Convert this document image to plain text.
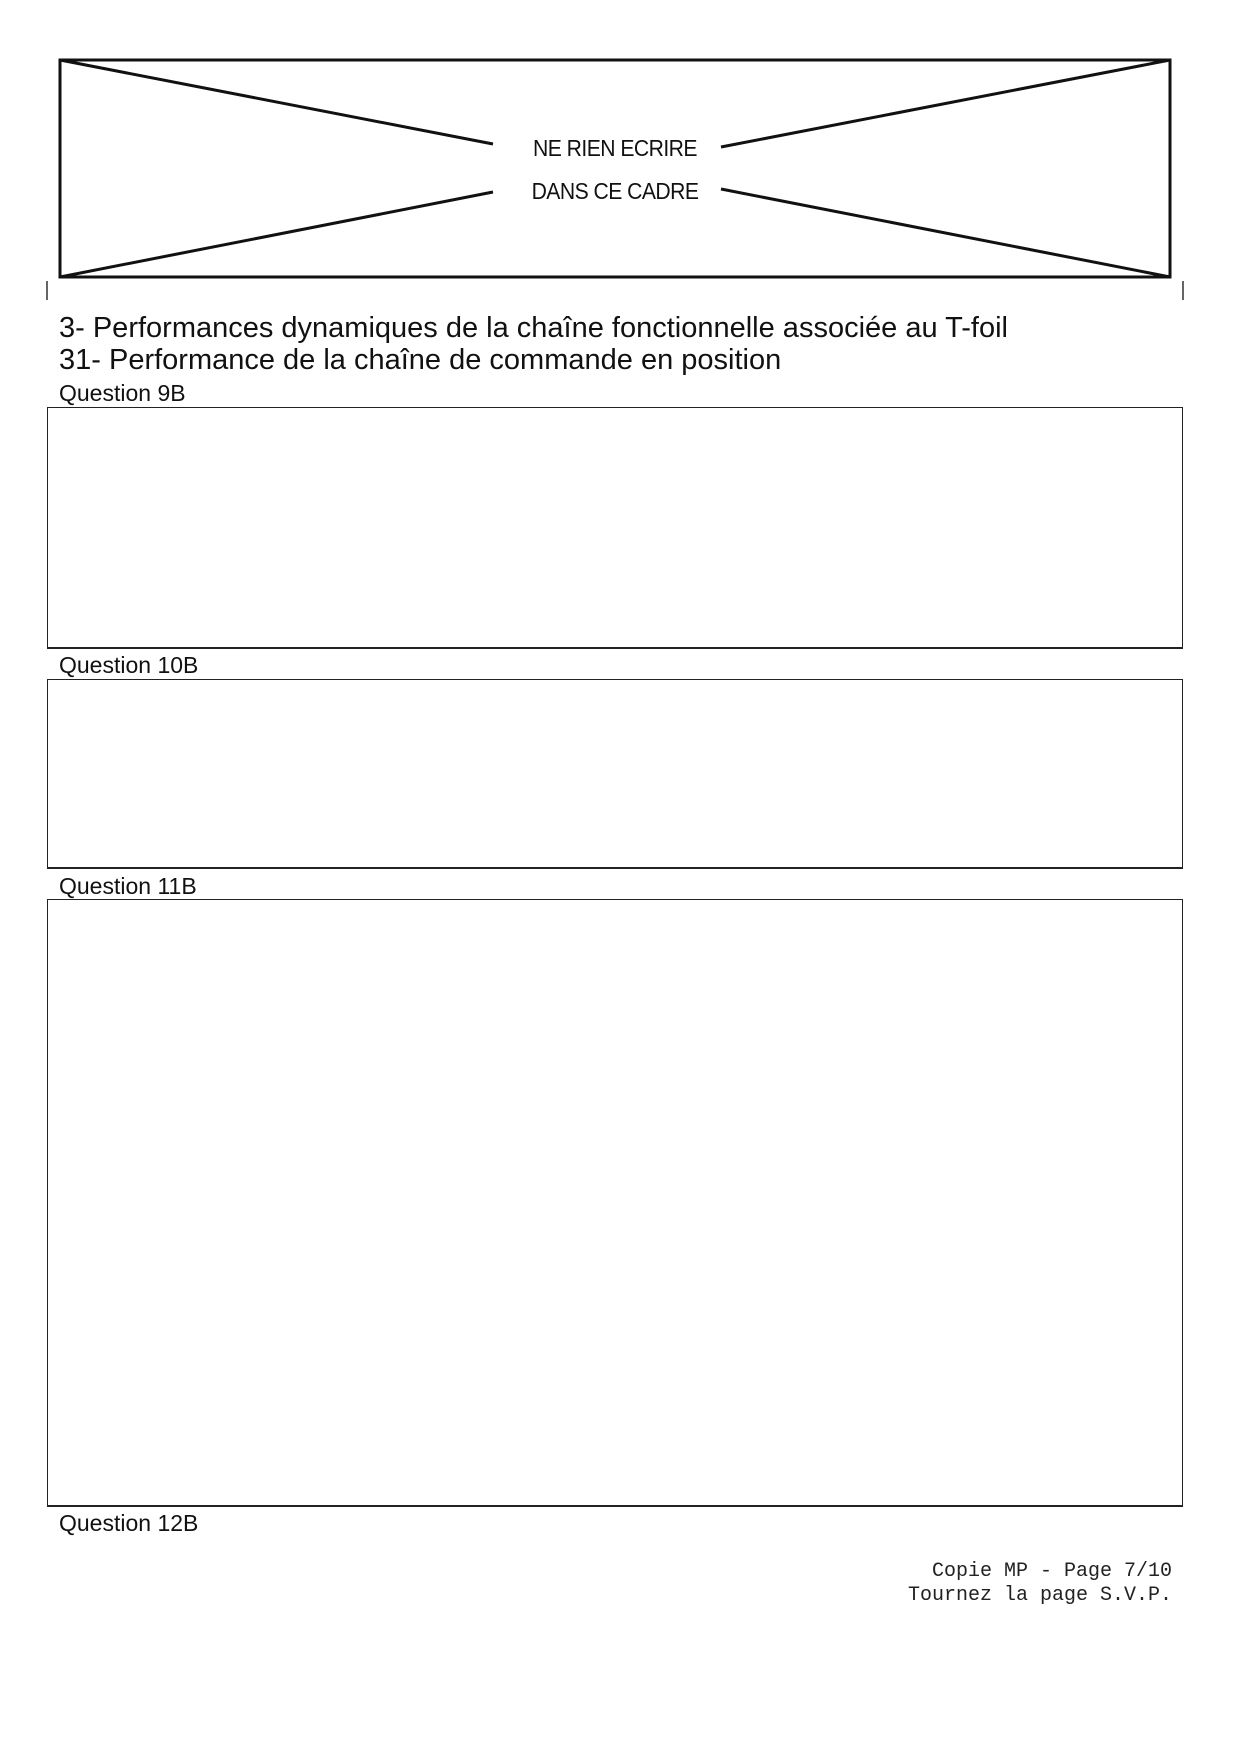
NE RIEN ECRIRE
DANS CE CADRE
3- Performances dynamiques de la chaîne fonctionnelle associée au T-foil
31- Performance de la chaîne de commande en position
Question 9B
Question 10B
Question 11B
Question 12B
Copie MP - Page 7/10
Tournez la page S.V.P.
